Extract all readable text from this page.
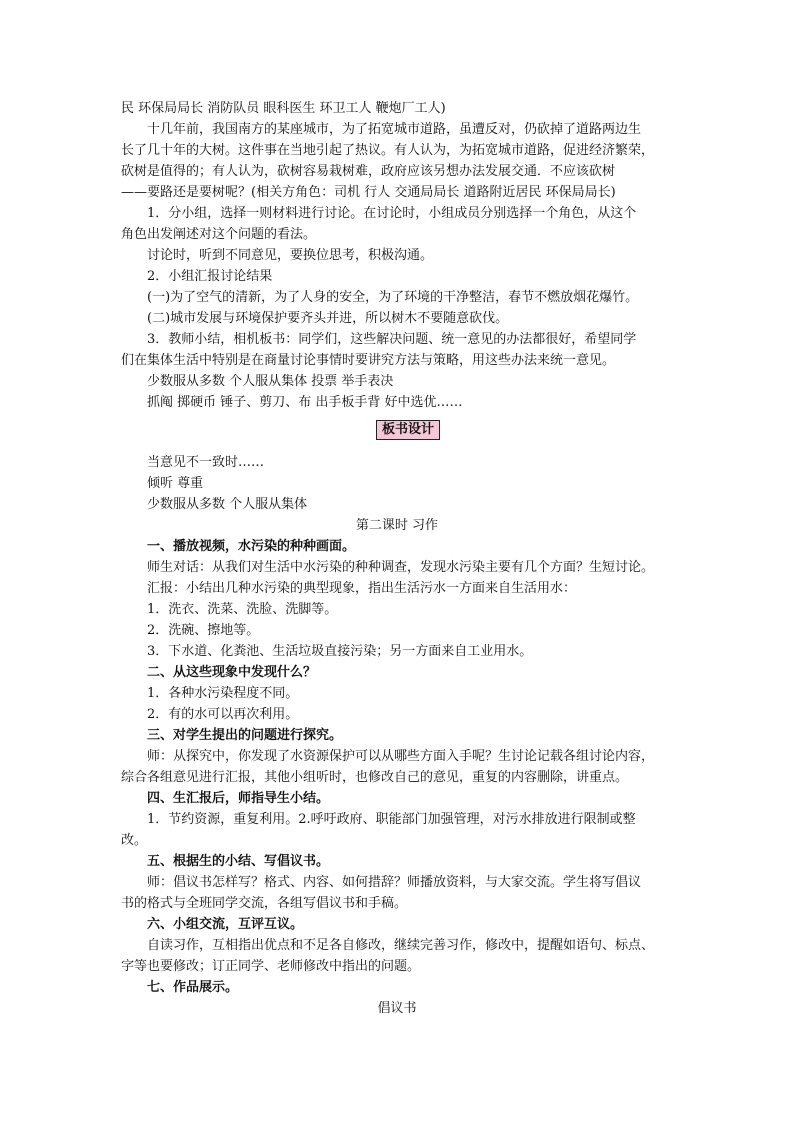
民 环保局局长 消防队员 眼科医生 环卫工人 鞭炮厂工人)
十几年前，我国南方的某座城市，为了拓宽城市道路，虽遭反对，仍砍掉了道路两边生
长了几十年的大树。这件事在当地引起了热议。有人认为，为拓宽城市道路，促进经济繁荣，
砍树是值得的；有人认为，砍树容易栽树难，政府应该另想办法发展交通．不应该砍树
——要路还是要树呢？(相关方角色：司机 行人 交通局局长 道路附近居民 环保局局长)
1．分小组，选择一则材料进行讨论。在讨论时，小组成员分别选择一个角色，从这个
角色出发阐述对这个问题的看法。
讨论时，听到不同意见，要换位思考，积极沟通。
2．小组汇报讨论结果
(一)为了空气的清新，为了人身的安全，为了环境的干净整洁，春节不燃放烟花爆竹。
(二)城市发展与环境保护要齐头并进，所以树木不要随意砍伐。
3．教师小结，相机板书：同学们，这些解决问题、统一意见的办法都很好，希望同学
们在集体生活中特别是在商量讨论事情时要讲究方法与策略，用这些办法来统一意见。
少数服从多数 个人服从集体 投票 举手表决
抓阄 掷硬币 锤子、剪刀、布 出手板手背 好中选优……
板书设计
当意见不一致时……
倾听 尊重
少数服从多数 个人服从集体
第二课时 习作
一、播放视频，水污染的种种画面。
师生对话：从我们对生活中水污染的种种调查，发现水污染主要有几个方面？生短讨论。
汇报：小结出几种水污染的典型现象，指出生活污水一方面来自生活用水：
1．洗衣、洗菜、洗脸、洗脚等。
2．洗碗、擦地等。
3．下水道、化粪池、生活垃圾直接污染；另一方面来自工业用水。
二、从这些现象中发现什么？
1．各种水污染程度不同。
2．有的水可以再次利用。
三、对学生提出的问题进行探究。
师：从探究中，你发现了水资源保护可以从哪些方面入手呢？生讨论记载各组讨论内容，
综合各组意见进行汇报，其他小组听时，也修改自己的意见，重复的内容删除，讲重点。
四、生汇报后，师指导生小结。
1．节约资源，重复利用。2.呼吁政府、职能部门加强管理，对污水排放进行限制或整
改。
五、根据生的小结、写倡议书。
师：倡议书怎样写？格式、内容、如何措辞？师播放资料，与大家交流。学生将写倡议
书的格式与全班同学交流，各组写倡议书和手稿。
六、小组交流，互评互议。
自读习作，互相指出优点和不足各自修改，继续完善习作，修改中，提醒如语句、标点、
字等也要修改；订正同学、老师修改中指出的问题。
七、作品展示。
倡议书
